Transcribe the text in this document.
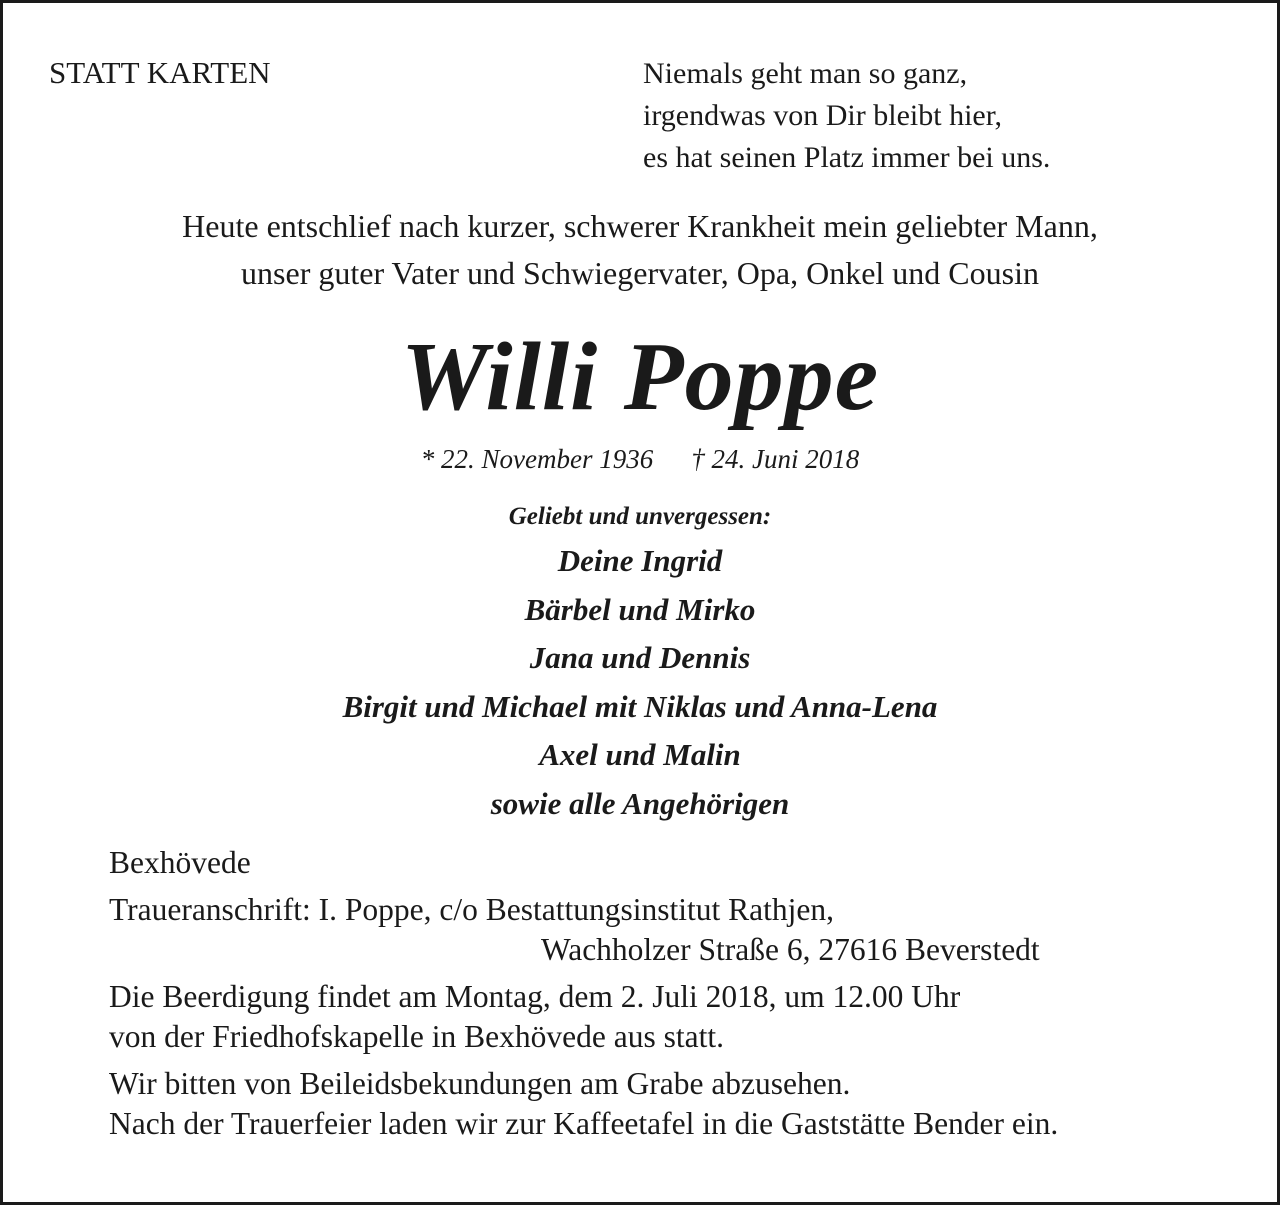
STATT KARTEN	Niemals geht man so ganz,
irgendwas von Dir bleibt hier,
es hat seinen Platz immer bei uns.
Heute entschlief nach kurzer, schwerer Krankheit mein geliebter Mann,
unser guter Vater und Schwiegervater, Opa, Onkel und Cousin
Willi Poppe
* 22. November 1936 † 24. Juni 2018
Geliebt und unvergessen:
Deine Ingrid
Bärbel und Mirko
Jana und Dennis
Birgit und Michael mit Niklas und Anna-Lena
Axel und Malin
sowie alle Angehörigen
Bexhövede
Traueranschrift: I. Poppe, c/o Bestattungsinstitut Rathjen,
Wachholzer Straße 6, 27616 Beverstedt
Die Beerdigung findet am Montag, dem 2. Juli 2018, um 12.00 Uhr
von der Friedhofskapelle in Bexhövede aus statt.
Wir bitten von Beileidsbekundungen am Grabe abzusehen.
Nach der Trauerfeier laden wir zur Kaffeetafel in die Gaststätte Bender ein.
